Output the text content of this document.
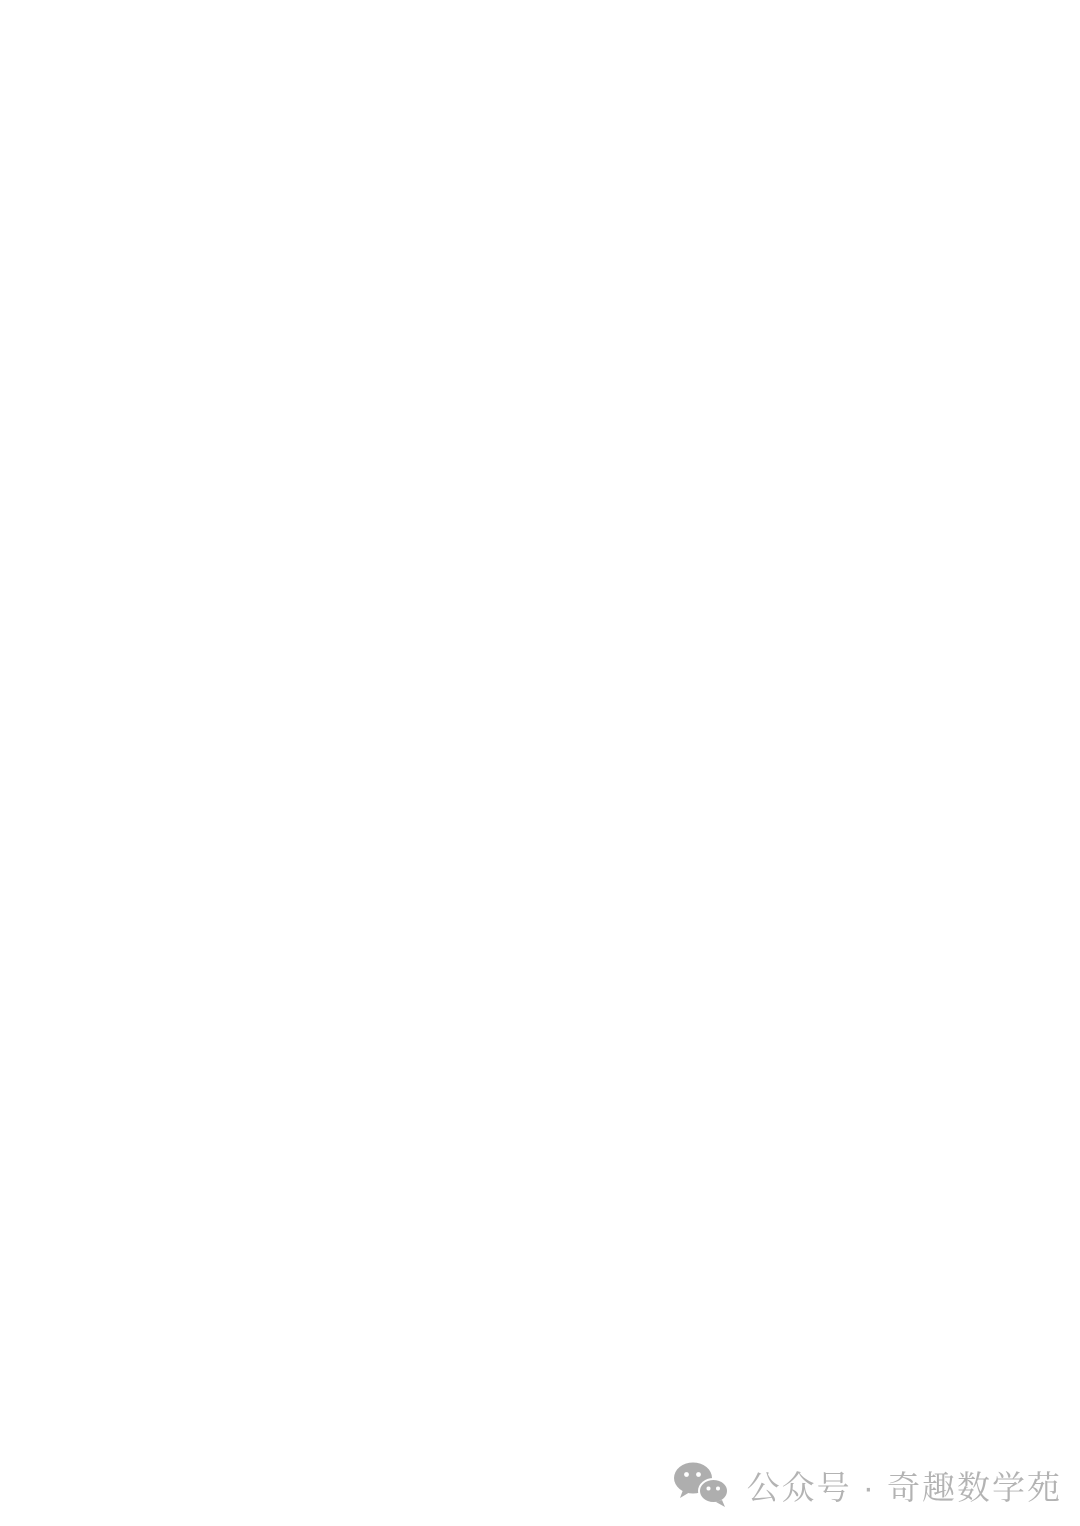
公众号 · 奇趣数学苑
